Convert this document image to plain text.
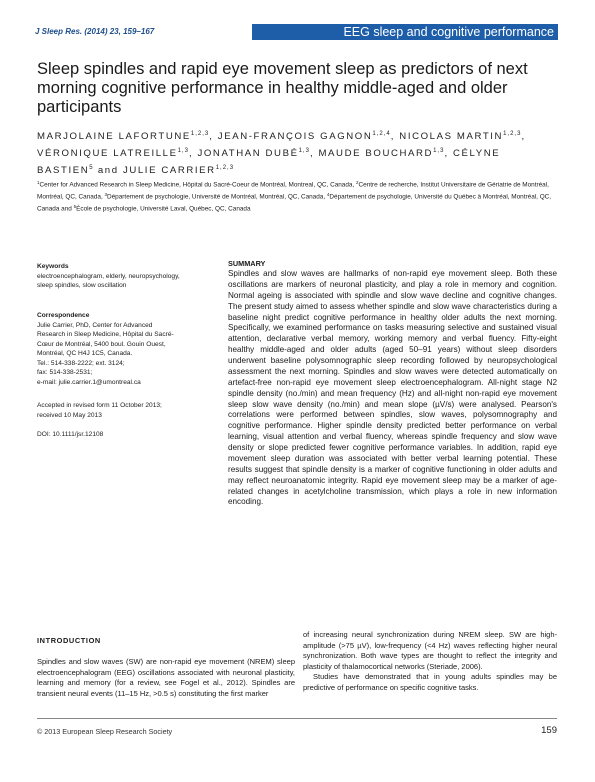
J Sleep Res. (2014) 23, 159–167	EEG sleep and cognitive performance
Sleep spindles and rapid eye movement sleep as predictors of next morning cognitive performance in healthy middle-aged and older participants
MARJOLAINE LAFORTUNE$^{1,2,3}$, JEAN-FRANÇOIS GAGNON$^{1,2,4}$, NICOLAS MARTIN$^{1,2,3}$, VÉRONIQUE LATREILLE$^{1,3}$, JONATHAN DUBÉ$^{1,3}$, MAUDE BOUCHARD$^{1,3}$, CÉLYNE BASTIEN$^5$ and JULIE CARRIER$^{1,2,3}$
$^1$Center for Advanced Research in Sleep Medicine, Hôpital du Sacré-Coeur de Montréal, Montreal, QC, Canada, $^2$Centre de recherche, Institut Universitaire de Gériatrie de Montréal, Montréal, QC, Canada, $^3$Département de psychologie, Université de Montréal, Montréal, QC, Canada, $^4$Département de psychologie, Université du Québec à Montréal, Montréal, QC, Canada and $^5$École de psychologie, Université Laval, Québec, QC, Canada
Keywords
electroencephalogram, elderly, neuropsychology, sleep spindles, slow oscillation
Correspondence
Julie Carrier, PhD, Center for Advanced
Research in Sleep Medicine, Hôpital du Sacré-
Cœur de Montréal, 5400 boul. Gouin Ouest,
Montréal, QC H4J 1C5, Canada.
Tel.: 514-338-2222; ext. 3124;
fax: 514-338-2531;
e-mail: julie.carrier.1@umontreal.ca
Accepted in revised form 11 October 2013;
received 10 May 2013
DOI: 10.1111/jsr.12108
SUMMARY
Spindles and slow waves are hallmarks of non-rapid eye movement sleep. Both these oscillations are markers of neuronal plasticity, and play a role in memory and cognition. Normal ageing is associated with spindle and slow wave decline and cognitive changes. The present study aimed to assess whether spindle and slow wave characteristics during a baseline night predict cognitive performance in healthy older adults the next morning. Specifically, we examined performance on tasks measuring selective and sustained visual attention, declarative verbal memory, working memory and verbal fluency. Fifty-eight healthy middle-aged and older adults (aged 50–91 years) without sleep disorders underwent baseline polysomnographic sleep recording followed by neuropsychological assessment the next morning. Spindles and slow waves were detected automatically on artefact-free non-rapid eye movement sleep electroencephalogram. All-night stage N2 spindle density (no./min) and mean frequency (Hz) and all-night non-rapid eye movement sleep slow wave density (no./min) and mean slope (µV/s) were analysed. Pearson's correlations were performed between spindles, slow waves, polysomnography and cognitive performance. Higher spindle density predicted better performance on verbal learning, visual attention and verbal fluency, whereas spindle frequency and slow wave density or slope predicted fewer cognitive performance variables. In addition, rapid eye movement sleep duration was associated with better verbal learning potential. These results suggest that spindle density is a marker of cognitive functioning in older adults and may reflect neuroanatomic integrity. Rapid eye movement sleep may be a marker of age-related changes in acetylcholine transmission, which plays a role in new information encoding.
INTRODUCTION
Spindles and slow waves (SW) are non-rapid eye movement (NREM) sleep electroencephalogram (EEG) oscillations associated with neuronal plasticity, learning and memory (for a review, see Fogel et al., 2012). Spindles are transient neural events (11–15 Hz, >0.5 s) constituting the first marker
of increasing neural synchronization during NREM sleep. SW are high-amplitude (>75 µV), low-frequency (<4 Hz) waves reflecting higher neural synchronization. Both wave types are thought to reflect the integrity and plasticity of thalamocortical networks (Steriade, 2006).
Studies have demonstrated that in young adults spindles may be predictive of performance on specific cognitive tasks.
© 2013 European Sleep Research Society	159
